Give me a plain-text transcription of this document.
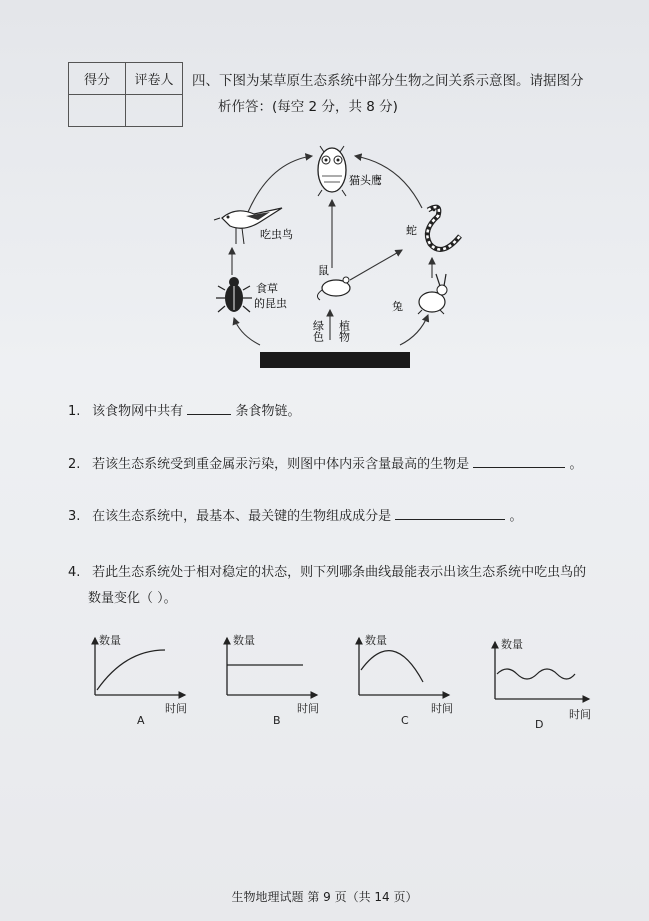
得分	评卷人
	四、下图为某草原生态系统中部分生物之间关系示意图。请据图分
析作答：(每空 2 分，共 8 分)
猫头鹰
吃虫鸟	蛇
食草
的昆虫
鼠
兔
绿色 植物
1. 该食物网中共有	条食物链。
2. 若该生态系统受到重金属汞污染，则图中体内汞含量最高的生物是	。
3. 在该生态系统中，最基本、最关键的生物组成成分是	。
4. 若此生态系统处于相对稳定的状态，则下列哪条曲线最能表示出该生态系统中吃虫鸟的
数量变化（ ）。
数量
时间
A
数量
时间
B
数量
时间
C
数量
时间
D
生物地理试题 第 9 页（共 14 页）
